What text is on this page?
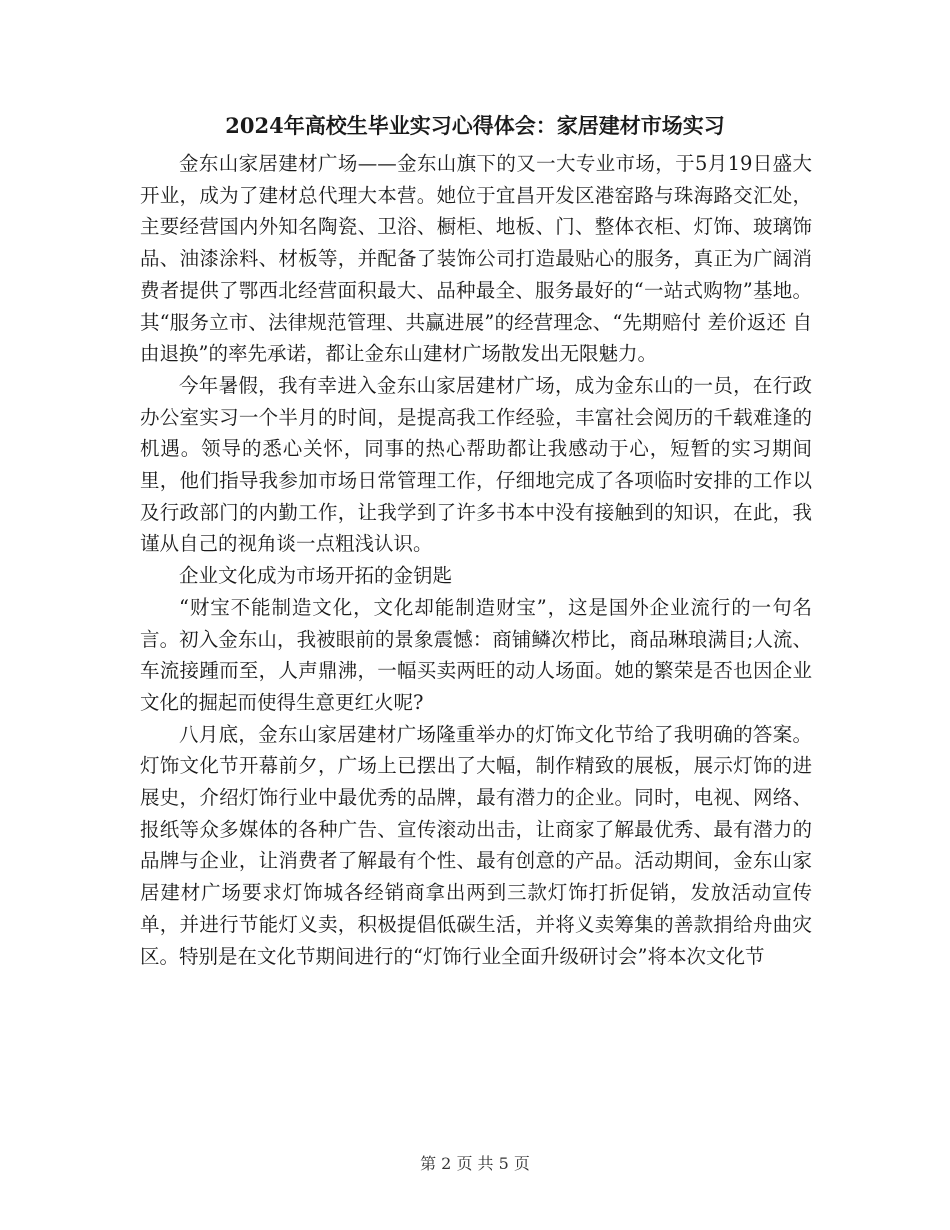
2024年高校生毕业实习心得体会：家居建材市场实习

金东山家居建材广场——金东山旗下的又一大专业市场，于5月19日盛大开业，成为了建材总代理大本营。她位于宜昌开发区港窑路与珠海路交汇处，主要经营国内外知名陶瓷、卫浴、橱柜、地板、门、整体衣柜、灯饰、玻璃饰品、油漆涂料、材板等，并配备了装饰公司打造最贴心的服务，真正为广阔消费者提供了鄂西北经营面积最大、品种最全、服务最好的“一站式购物”基地。其“服务立市、法律规范管理、共赢进展”的经营理念、“先期赔付 差价返还 自由退换”的率先承诺，都让金东山建材广场散发出无限魅力。

今年暑假，我有幸进入金东山家居建材广场，成为金东山的一员，在行政办公室实习一个半月的时间，是提高我工作经验，丰富社会阅历的千载难逢的机遇。领导的悉心关怀，同事的热心帮助都让我感动于心，短暂的实习期间里，他们指导我参加市场日常管理工作，仔细地完成了各项临时安排的工作以及行政部门的内勤工作，让我学到了许多书本中没有接触到的知识，在此，我谨从自己的视角谈一点粗浅认识。

企业文化成为市场开拓的金钥匙

“财宝不能制造文化，文化却能制造财宝”，这是国外企业流行的一句名言。初入金东山，我被眼前的景象震憾：商铺鳞次栉比，商品琳琅满目;人流、车流接踵而至，人声鼎沸，一幅买卖两旺的动人场面。她的繁荣是否也因企业文化的掘起而使得生意更红火呢?

八月底，金东山家居建材广场隆重举办的灯饰文化节给了我明确的答案。灯饰文化节开幕前夕，广场上已摆出了大幅，制作精致的展板，展示灯饰的进展史，介绍灯饰行业中最优秀的品牌，最有潜力的企业。同时，电视、网络、报纸等众多媒体的各种广告、宣传滚动出击，让商家了解最优秀、最有潜力的品牌与企业，让消费者了解最有个性、最有创意的产品。活动期间，金东山家居建材广场要求灯饰城各经销商拿出两到三款灯饰打折促销，发放活动宣传单，并进行节能灯义卖，积极提倡低碳生活，并将义卖筹集的善款捐给舟曲灾区。特别是在文化节期间进行的“灯饰行业全面升级研讨会”将本次文化节

第 2 页 共 5 页
